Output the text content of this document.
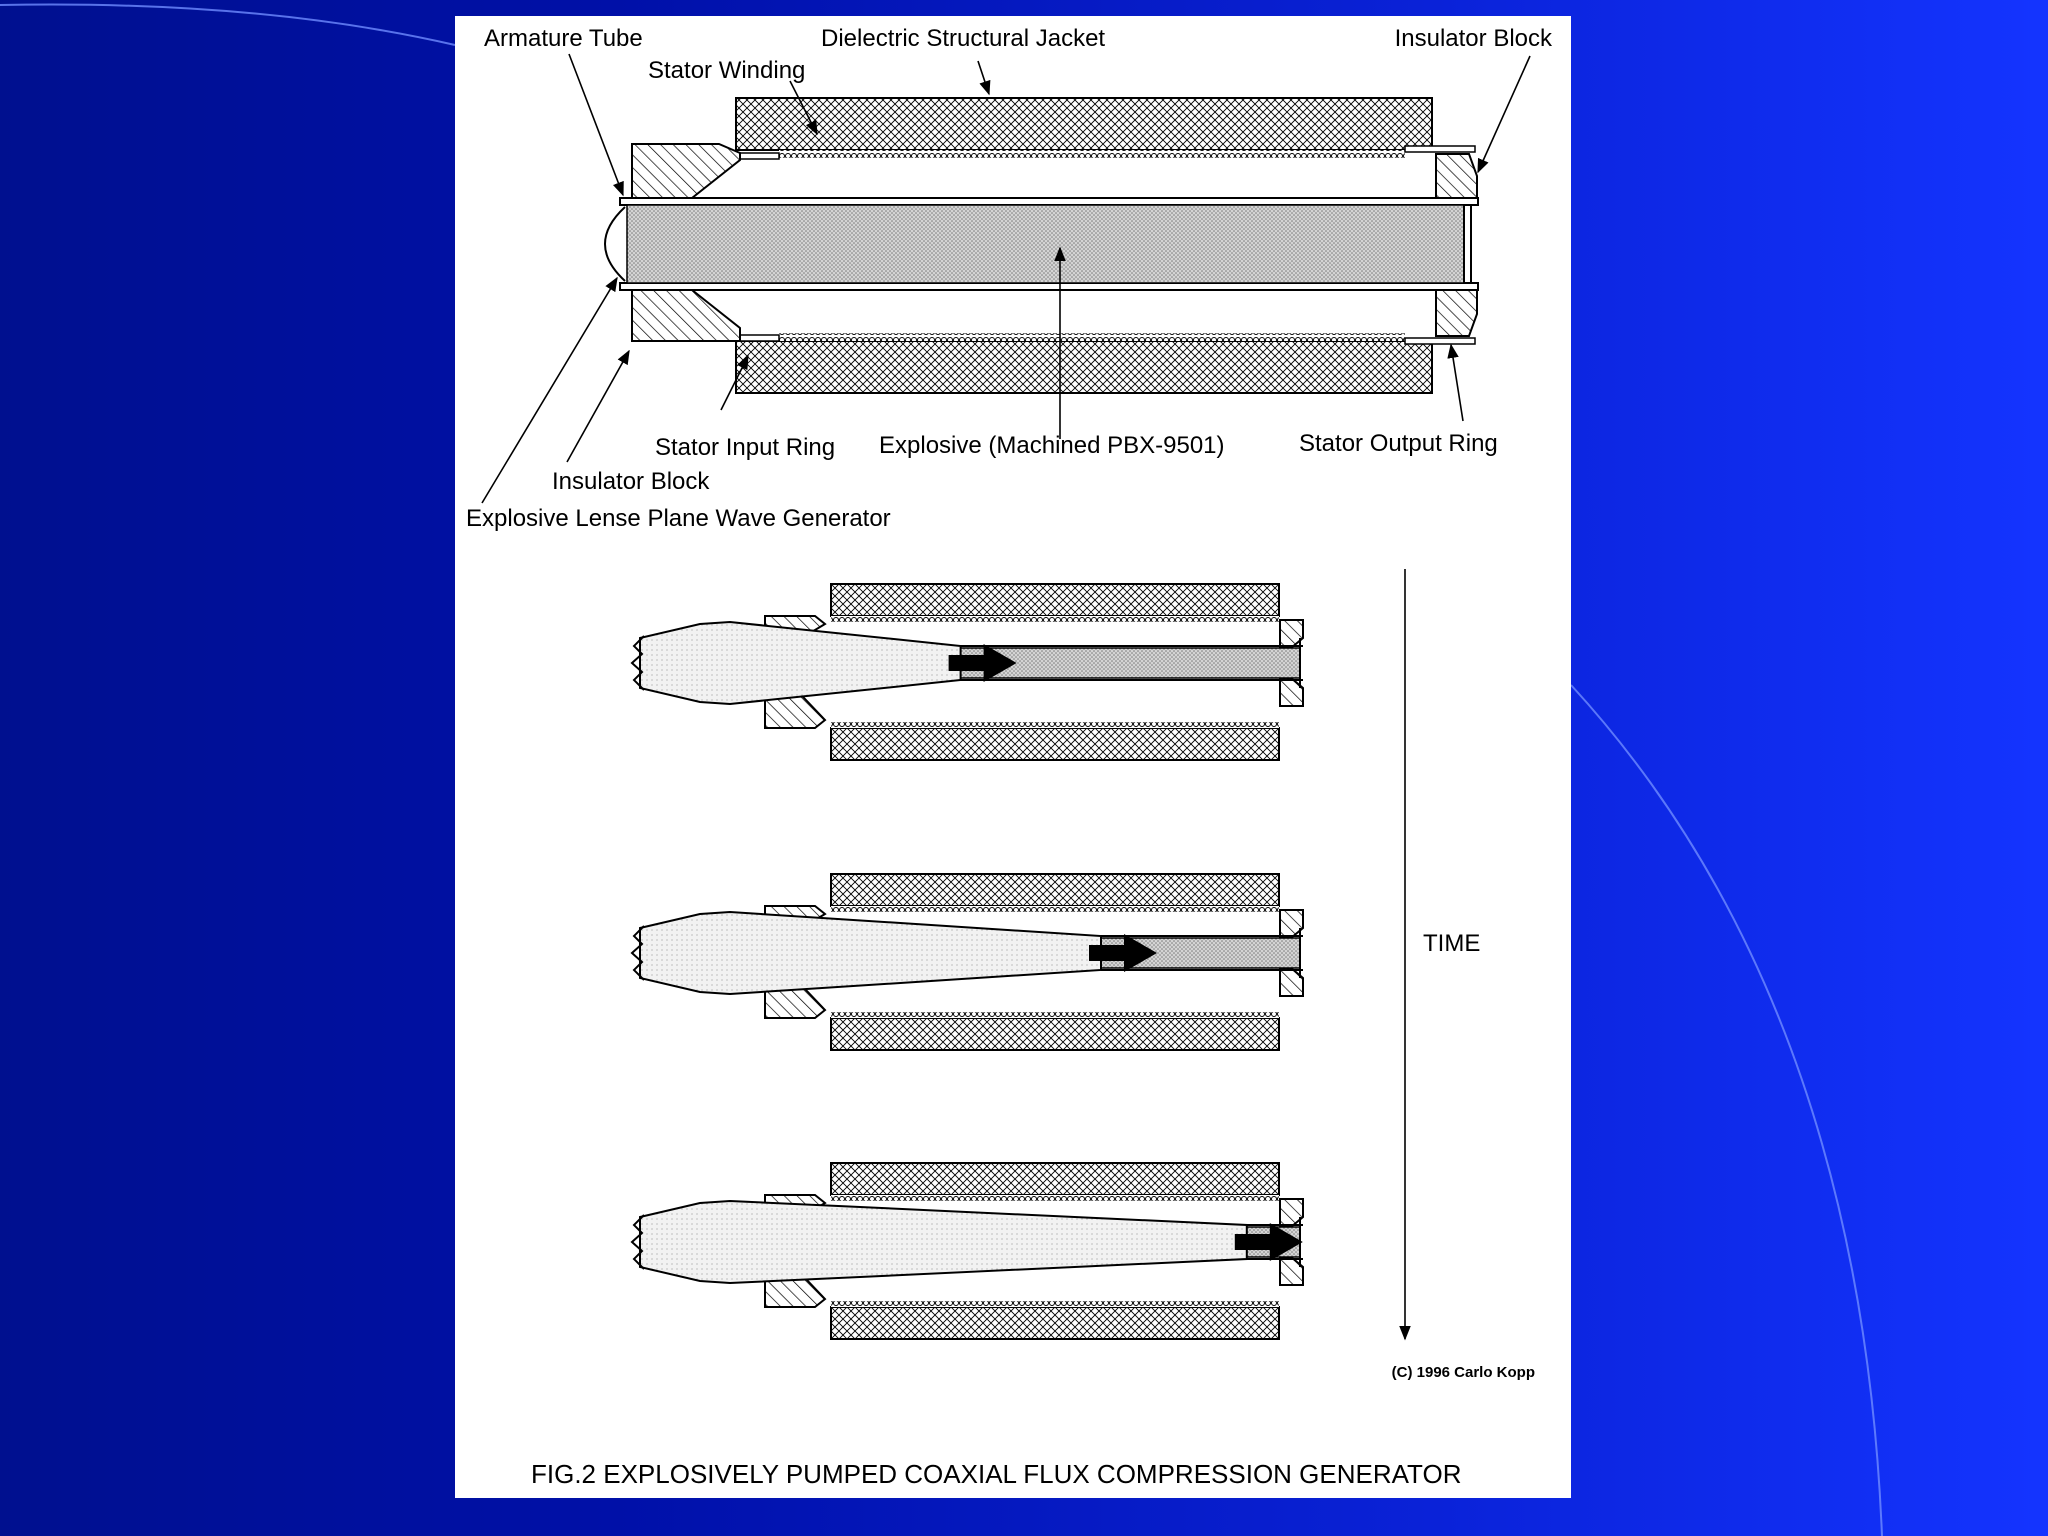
Armature Tube	Dielectric Structural Jacket	Insulator Block
Stator Winding
Stator Input Ring Explosive (Machined PBX-9501)	Stator Output Ring
Insulator Block
Explosive Lense Plane Wave Generator
TIME
(C) 1996 Carlo Kopp
FIG.2 EXPLOSIVELY PUMPED COAXIAL FLUX COMPRESSION GENERATOR
